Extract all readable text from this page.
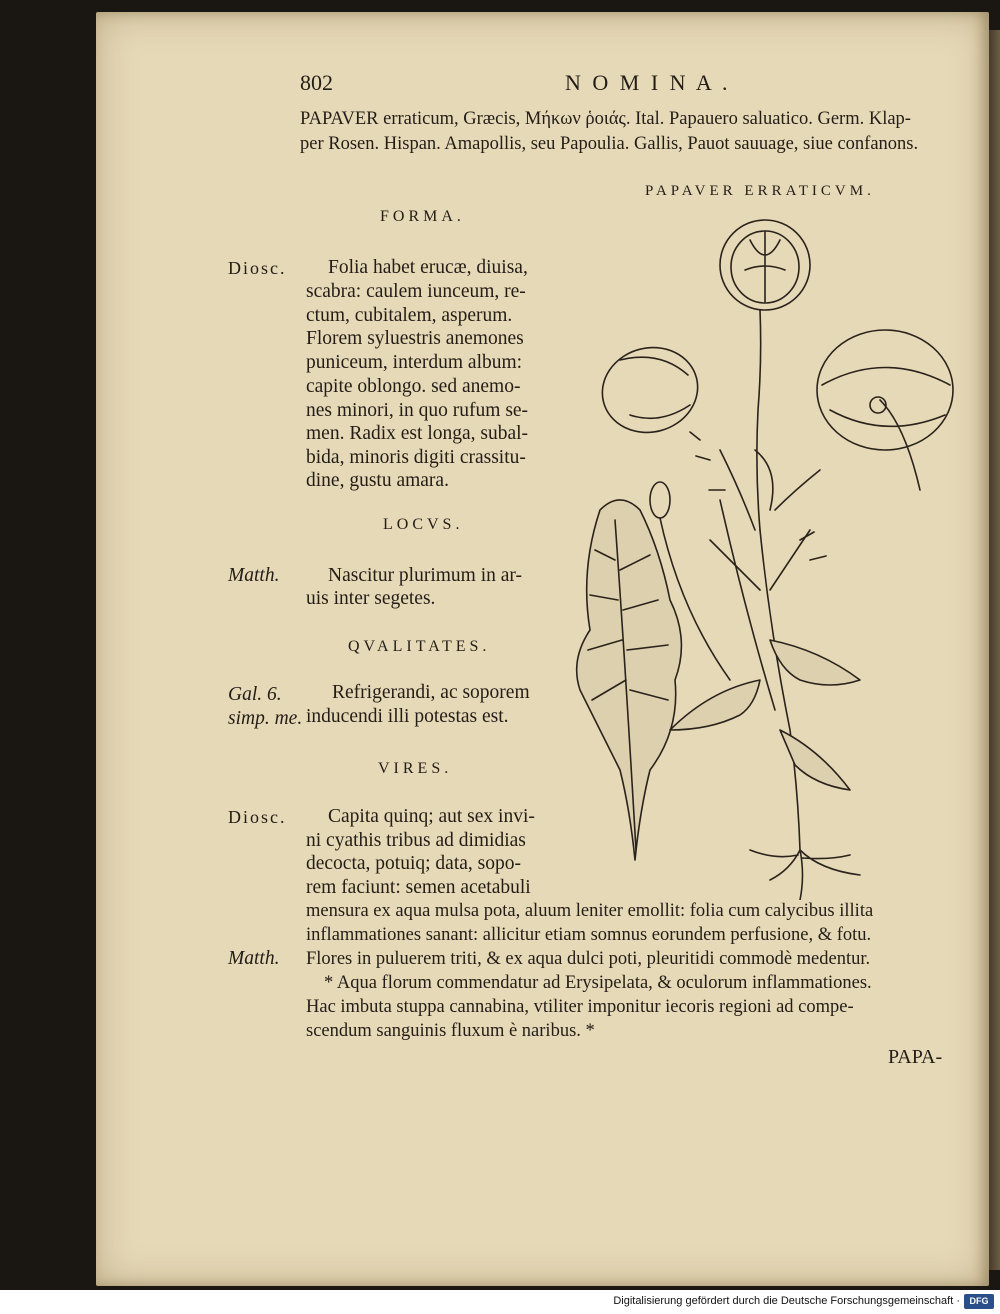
802	N O M I N A .
PAPAVER erraticum, Græcis, Μήκων ῥοιάς. Ital. Papauero saluatico. Germ. Klap-
per Rosen. Hispan. Amapollis, seu Papoulia. Gallis, Pauot sauuage, siue confanons.
PAPAVER ERRATICVM.
FORMA.
Diosc. Folia habet erucæ, diuisa,
scabra: caulem iunceum, re-
ctum, cubitalem, asperum.
Florem syluestris anemones
puniceum, interdum album:
capite oblongo. sed anemo-
nes minori, in quo rufum se-
men. Radix est longa, subal-
bida, minoris digiti crassitu-
dine, gustu amara.
LOCVS.
Matth. Nascitur plurimum in ar-
uis inter segetes.
QVALITATES.
Gal. 6.
simp. me.
Refrigerandi, ac soporem
inducendi illi potestas est.
VIRES.
Diosc. Capita quinq; aut sex invi-
ni cyathis tribus ad dimidias
decocta, potuiq; data, sopo-
rem faciunt: semen acetabuli
mensura ex aqua mulsa pota, aluum leniter emollit: folia cum calycibus illita
inflammationes sanant: allicitur etiam somnus eorundem perfusione, & fotu.
Matth. Flores in puluerem triti, & ex aqua dulci poti, pleuritidi commodè medentur.
* Aqua florum commendatur ad Erysipelata, & oculorum inflammationes.
Hac imbuta stuppa cannabina, vtiliter imponitur iecoris regioni ad compe-
scendum sanguinis fluxum è naribus. *
PAPA-
Digitalisierung gefördert durch die Deutsche Forschungsgemeinschaft ·	DFG
